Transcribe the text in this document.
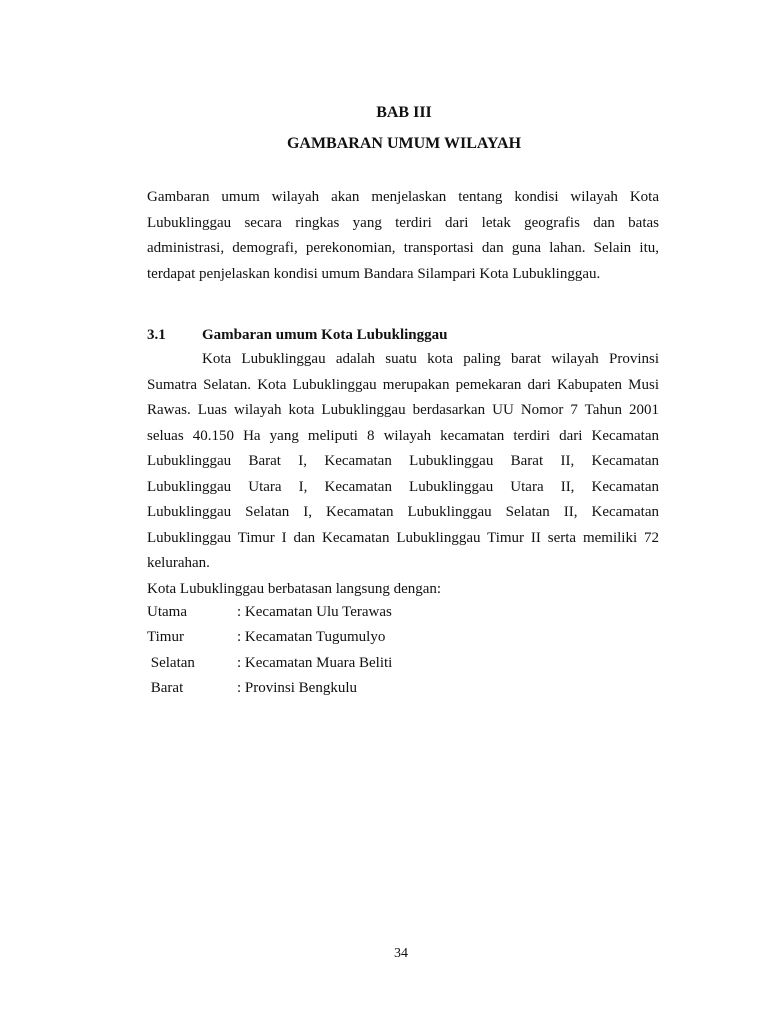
BAB III
GAMBARAN UMUM WILAYAH
Gambaran umum wilayah akan menjelaskan tentang kondisi wilayah Kota
Lubuklinggau secara ringkas yang terdiri dari letak geografis dan batas
administrasi, demografi, perekonomian, transportasi dan guna lahan. Selain itu,
terdapat penjelaskan kondisi umum Bandara Silampari Kota Lubuklinggau.
3.1 Gambaran umum Kota Lubuklinggau
Kota Lubuklinggau adalah suatu kota paling barat wilayah Provinsi
Sumatra Selatan. Kota Lubuklinggau merupakan pemekaran dari Kabupaten Musi
Rawas. Luas wilayah kota Lubuklinggau berdasarkan UU Nomor 7 Tahun 2001
seluas 40.150 Ha yang meliputi 8 wilayah kecamatan terdiri dari Kecamatan
Lubuklinggau Barat I, Kecamatan Lubuklinggau Barat II, Kecamatan
Lubuklinggau Utara I, Kecamatan Lubuklinggau Utara II, Kecamatan
Lubuklinggau Selatan I, Kecamatan Lubuklinggau Selatan II, Kecamatan
Lubuklinggau Timur I dan Kecamatan Lubuklinggau Timur II serta memiliki 72
kelurahan.
Kota Lubuklinggau berbatasan langsung dengan:
Utama	: Kecamatan Ulu Terawas
Timur	: Kecamatan Tugumulyo
Selatan	: Kecamatan Muara Beliti
Barat	: Provinsi Bengkulu
34
